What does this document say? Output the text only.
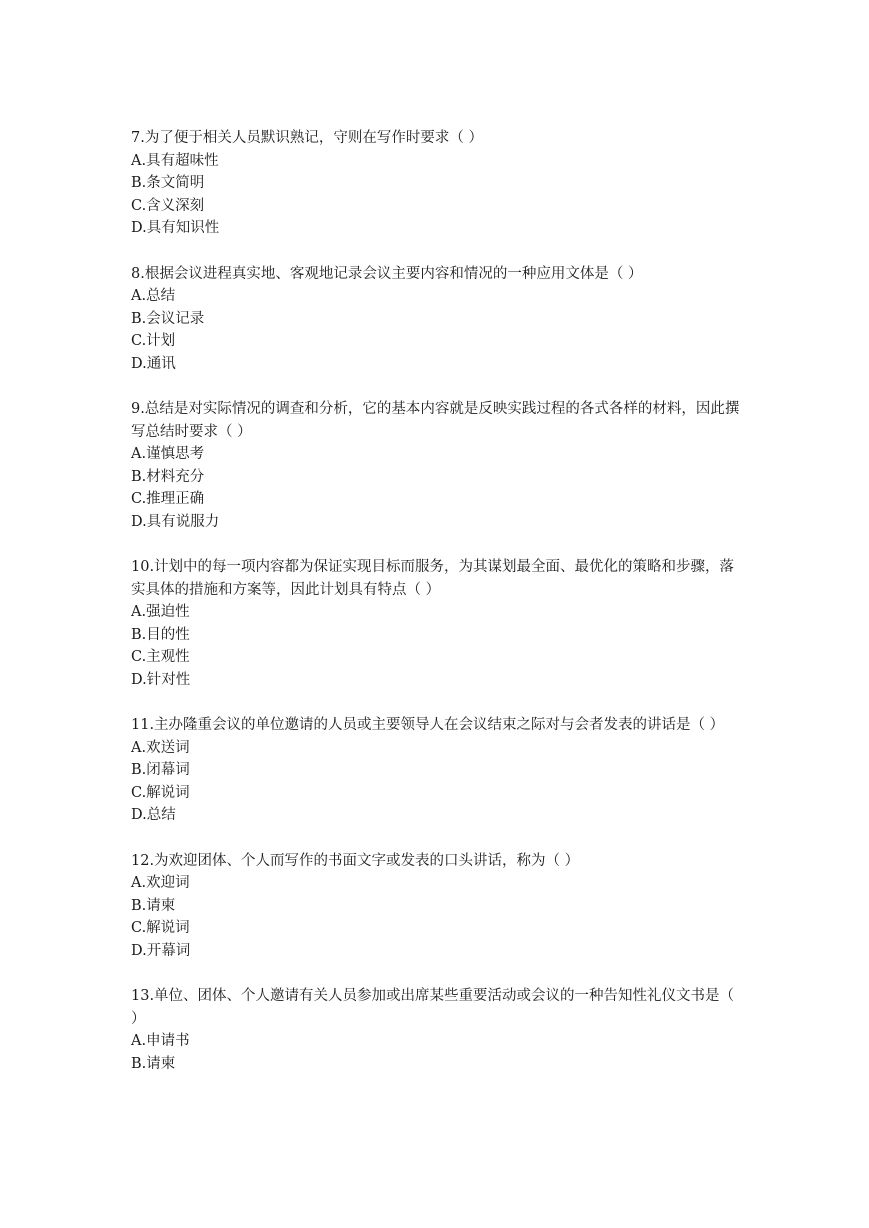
7.为了便于相关人员默识熟记，守则在写作时要求（ ）

A.具有超味性

B.条文简明

C.含义深刻

D.具有知识性

8.根据会议进程真实地、客观地记录会议主要内容和情况的一种应用文体是（ ）

A.总结

B.会议记录

C.计划

D.通讯

9.总结是对实际情况的调查和分析，它的基本内容就是反映实践过程的各式各样的材料，因此撰写总结时要求（ ）

A.谨慎思考

B.材料充分

C.推理正确

D.具有说服力

10.计划中的每一项内容都为保证实现目标而服务，为其谋划最全面、最优化的策略和步骤，落实具体的措施和方案等，因此计划具有特点（ ）

A.强迫性

B.目的性

C.主观性

D.针对性

11.主办隆重会议的单位邀请的人员或主要领导人在会议结束之际对与会者发表的讲话是（ ）

A.欢送词

B.闭幕词

C.解说词

D.总结

12.为欢迎团体、个人而写作的书面文字或发表的口头讲话，称为（ ）

A.欢迎词

B.请柬

C.解说词

D.开幕词

13.单位、团体、个人邀请有关人员参加或出席某些重要活动或会议的一种告知性礼仪文书是（ ）

A.申请书

B.请柬
